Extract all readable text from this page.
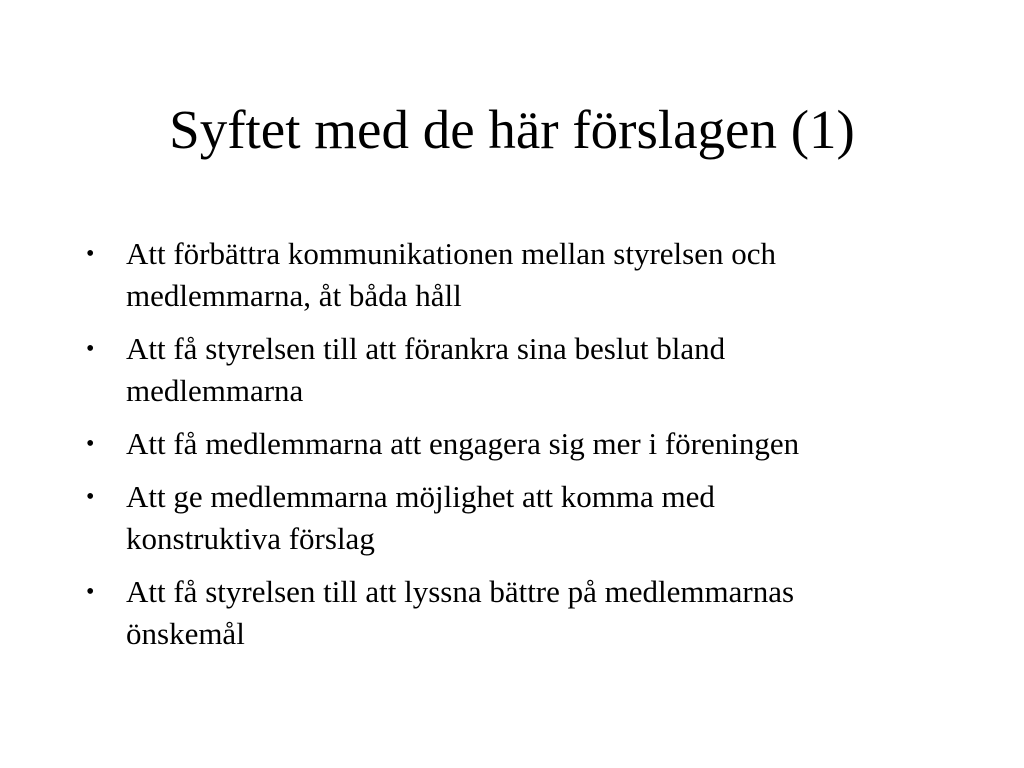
Syftet med de här förslagen (1)
•	Att förbättra kommunikationen mellan styrelsen och
medlemmarna, åt båda håll
•	Att få styrelsen till att förankra sina beslut bland
medlemmarna
•	Att få medlemmarna att engagera sig mer i föreningen
•	Att ge medlemmarna möjlighet att komma med
konstruktiva förslag
•	Att få styrelsen till att lyssna bättre på medlemmarnas
önskemål
